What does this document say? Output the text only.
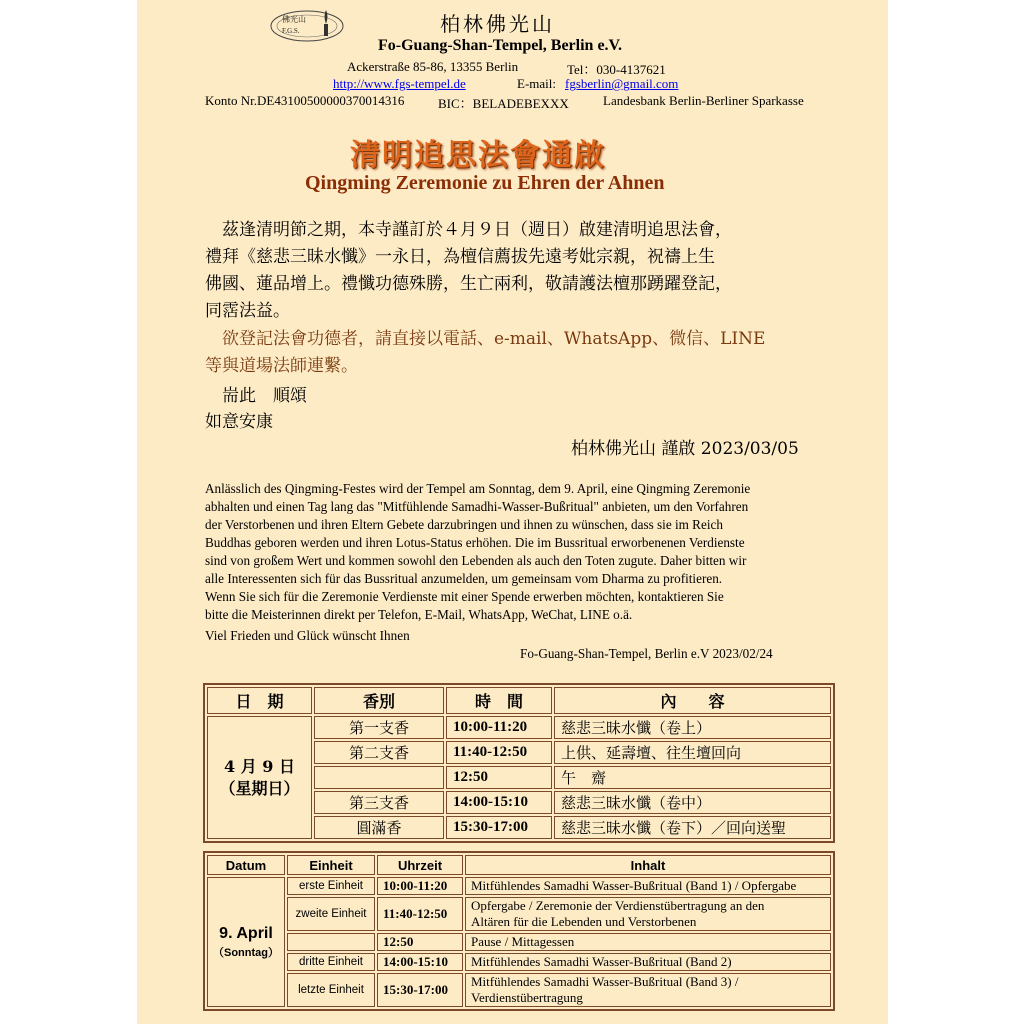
佛光山
F.G.S.	柏林佛光山
Fo-Guang-Shan-Tempel, Berlin e.V.
Ackerstraße 85-86, 13355 Berlin	Tel：030-4137621
http://www.fgs-tempel.de	E-mail: fgsberlin@gmail.com
Konto Nr.DE43100500000370014316	BIC：BELADEBEXXX	Landesbank Berlin-Berliner Sparkasse
清明追思法會通啟
Qingming Zeremonie zu Ehren der Ahnen
　茲逢清明節之期，本寺謹訂於４月９日（週日）啟建清明追思法會，
禮拜《慈悲三昧水懺》一永日，為檀信薦拔先遠考妣宗親，祝禱上生
佛國、蓮品增上。禮懺功德殊勝，生亡兩利，敬請護法檀那踴躍登記，
同霑法益。
　欲登記法會功德者，請直接以電話、e-mail、WhatsApp、微信、LINE
等與道場法師連繫。
　耑此　順頌
如意安康
柏林佛光山 謹啟 2023/03/05
Anlässlich des Qingming-Festes wird der Tempel am Sonntag, dem 9. April, eine Qingming Zeremonie
abhalten und einen Tag lang das "Mitfühlende Samadhi-Wasser-Bußritual" anbieten, um den Vorfahren
der Verstorbenen und ihren Eltern Gebete darzubringen und ihnen zu wünschen, dass sie im Reich
Buddhas geboren werden und ihren Lotus-Status erhöhen. Die im Bussritual erworbenenen Verdienste
sind von großem Wert und kommen sowohl den Lebenden als auch den Toten zugute. Daher bitten wir
alle Interessenten sich für das Bussritual anzumelden, um gemeinsam vom Dharma zu profitieren.
Wenn Sie sich für die Zeremonie Verdienste mit einer Spende erwerben möchten, kontaktieren Sie
bitte die Meisterinnen direkt per Telefon, E-Mail, WhatsApp, WeChat, LINE o.ä.
Viel Frieden und Glück wünscht Ihnen
Fo-Guang-Shan-Tempel, Berlin e.V 2023/02/24
日　期	香別	時　間	內　　容

4 月 9 日
（星期日）	第一支香	10:00-11:20	慈悲三昧水懺（卷上）
	第二支香	11:40-12:50	上供、延壽壇、往生壇回向
		12:50	午　齋
	第三支香	14:00-15:10	慈悲三昧水懺（卷中）
	圓滿香	15:30-17:00	慈悲三昧水懺（卷下）／回向送聖
Datum	Einheit	Uhrzeit	Inhalt

9. April
（Sonntag）	erste Einheit	10:00-11:20	Mitfühlendes Samadhi Wasser-Bußritual (Band 1) / Opfergabe

	zweite Einheit	11:40-12:50	Opfergabe / Zeremonie der Verdienstübertragung an den
Altären für die Lebenden und Verstorbenen

		12:50	Pause / Mittagessen

	dritte Einheit	14:00-15:10	Mitfühlendes Samadhi Wasser-Bußritual (Band 2)

	letzte Einheit	15:30-17:00	Mitfühlendes Samadhi Wasser-Bußritual (Band 3) /
Verdienstübertragung
